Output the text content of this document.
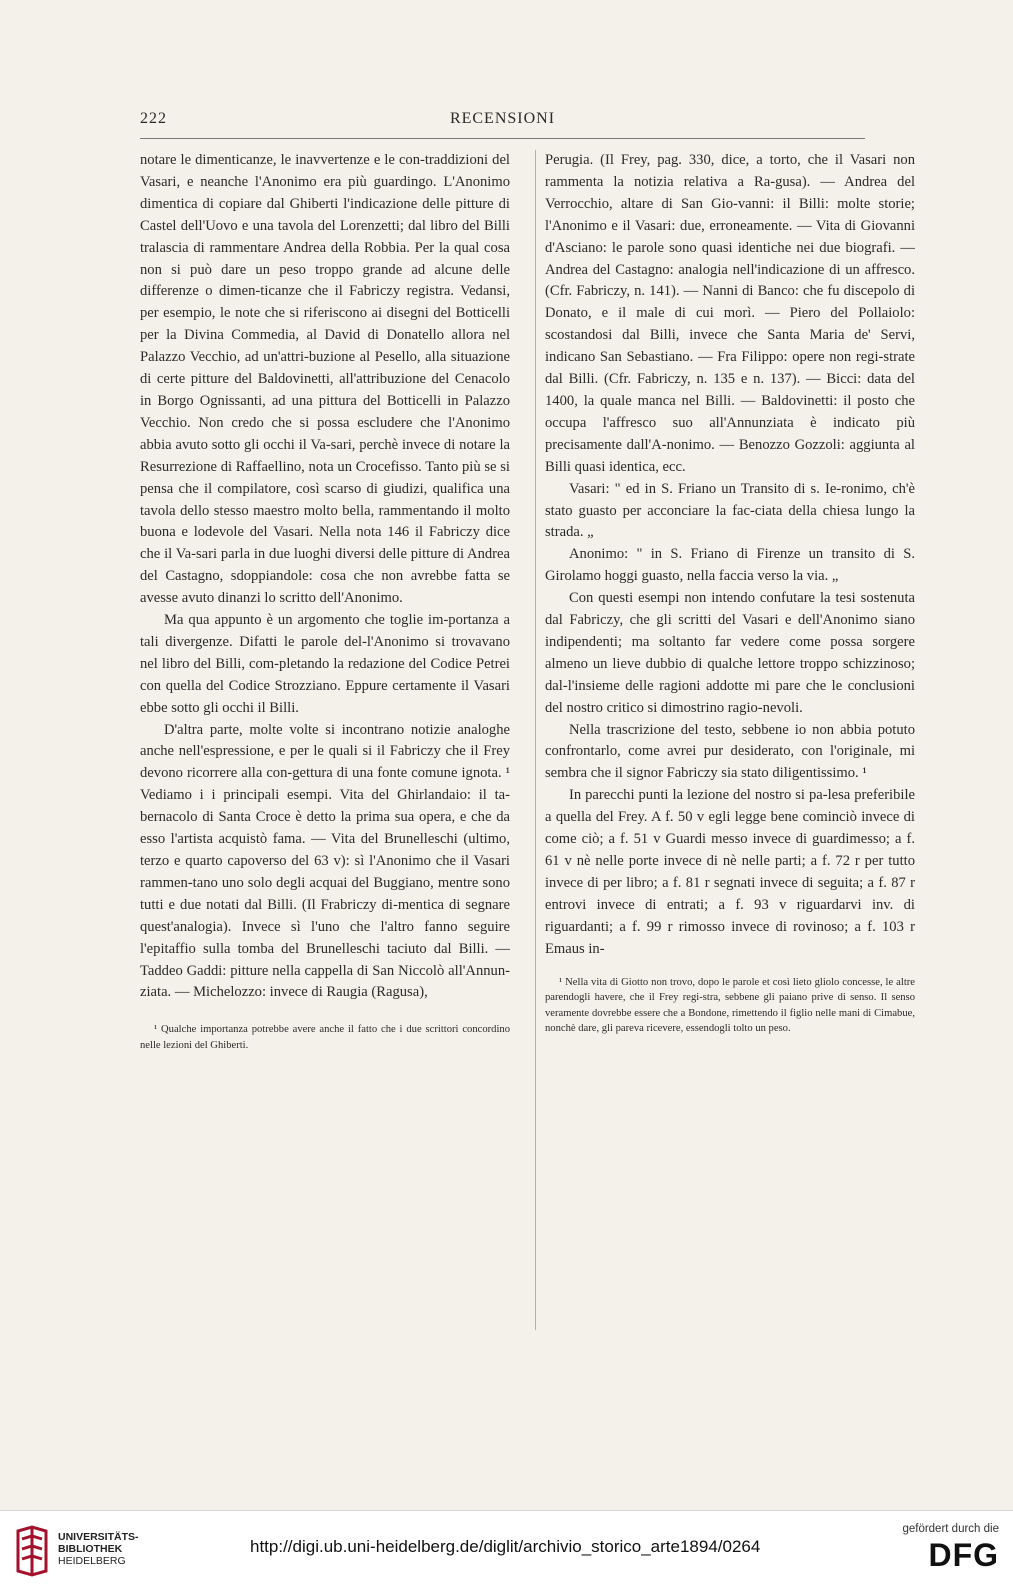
222	RECENSIONI

notare le dimenticanze, le inavvertenze e le con-traddizioni del Vasari, e neanche l'Anonimo era più guardingo. L'Anonimo dimentica di copiare dal Ghiberti l'indicazione delle pitture di Castel dell'Uovo e una tavola del Lorenzetti; dal libro del Billi tralascia di rammentare Andrea della Robbia. Per la qual cosa non si può dare un peso troppo grande ad alcune delle differenze o dimen-ticanze che il Fabriczy registra. Vedansi, per esempio, le note che si riferiscono ai disegni del Botticelli per la Divina Commedia, al David di Donatello allora nel Palazzo Vecchio, ad un'attri-buzione al Pesello, alla situazione di certe pitture del Baldovinetti, all'attribuzione del Cenacolo in Borgo Ognissanti, ad una pittura del Botticelli in Palazzo Vecchio. Non credo che si possa escludere che l'Anonimo abbia avuto sotto gli occhi il Va-sari, perchè invece di notare la Resurrezione di Raffaellino, nota un Crocefisso. Tanto più se si pensa che il compilatore, così scarso di giudizi, qualifica una tavola dello stesso maestro molto bella, rammentando il molto buona e lodevole del Vasari. Nella nota 146 il Fabriczy dice che il Va-sari parla in due luoghi diversi delle pitture di Andrea del Castagno, sdoppiandole: cosa che non avrebbe fatta se avesse avuto dinanzi lo scritto dell'Anonimo.

Ma qua appunto è un argomento che toglie im-portanza a tali divergenze. Difatti le parole del-l'Anonimo si trovavano nel libro del Billi, com-pletando la redazione del Codice Petrei con quella del Codice Strozziano. Eppure certamente il Vasari ebbe sotto gli occhi il Billi.

D'altra parte, molte volte si incontrano notizie analoghe anche nell'espressione, e per le quali si il Fabriczy che il Frey devono ricorrere alla con-gettura di una fonte comune ignota. ¹ Vediamo i i principali esempi. Vita del Ghirlandaio: il ta-bernacolo di Santa Croce è detto la prima sua opera, e che da esso l'artista acquistò fama. — Vita del Brunelleschi (ultimo, terzo e quarto capoverso del 63 v): sì l'Anonimo che il Vasari rammen-tano uno solo degli acquai del Buggiano, mentre sono tutti e due notati dal Billi. (Il Frabriczy di-mentica di segnare quest'analogia). Invece sì l'uno che l'altro fanno seguire l'epitaffio sulla tomba del Brunelleschi taciuto dal Billi. — Taddeo Gaddi: pitture nella cappella di San Niccolò all'Annun-ziata. — Michelozzo: invece di Raugia (Ragusa),

¹ Qualche importanza potrebbe avere anche il fatto che i due scrittori concordino nelle lezioni del Ghiberti.

Perugia. (Il Frey, pag. 330, dice, a torto, che il Vasari non rammenta la notizia relativa a Ra-gusa). — Andrea del Verrocchio, altare di San Gio-vanni: il Billi: molte storie; l'Anonimo e il Vasari: due, erroneamente. — Vita di Giovanni d'Asciano: le parole sono quasi identiche nei due biografi. — Andrea del Castagno: analogia nell'indicazione di un affresco. (Cfr. Fabriczy, n. 141). — Nanni di Banco: che fu discepolo di Donato, e il male di cui morì. — Piero del Pollaiolo: scostandosi dal Billi, invece che Santa Maria de' Servi, indicano San Sebastiano. — Fra Filippo: opere non regi-strate dal Billi. (Cfr. Fabriczy, n. 135 e n. 137). — Bicci: data del 1400, la quale manca nel Billi. — Baldovinetti: il posto che occupa l'affresco suo all'Annunziata è indicato più precisamente dall'A-nonimo. — Benozzo Gozzoli: aggiunta al Billi quasi identica, ecc.

Vasari: " ed in S. Friano un Transito di s. Ie-ronimo, ch'è stato guasto per acconciare la fac-ciata della chiesa lungo la strada. „

Anonimo: " in S. Friano di Firenze un transito di S. Girolamo hoggi guasto, nella faccia verso la via. „

Con questi esempi non intendo confutare la tesi sostenuta dal Fabriczy, che gli scritti del Vasari e dell'Anonimo siano indipendenti; ma soltanto far vedere come possa sorgere almeno un lieve dubbio di qualche lettore troppo schizzinoso; dal-l'insieme delle ragioni addotte mi pare che le conclusioni del nostro critico si dimostrino ragio-nevoli.

Nella trascrizione del testo, sebbene io non abbia potuto confrontarlo, come avrei pur desiderato, con l'originale, mi sembra che il signor Fabriczy sia stato diligentissimo. ¹

In parecchi punti la lezione del nostro si pa-lesa preferibile a quella del Frey. A f. 50 v egli legge bene cominciò invece di come ciò; a f. 51 v Guardi messo invece di guardimesso; a f. 61 v nè nelle porte invece di nè nelle parti; a f. 72 r per tutto invece di per libro; a f. 81 r segnati invece di seguita; a f. 87 r entrovi invece di entrati; a f. 93 v riguardarvi inv. di riguardanti; a f. 99 r rimosso invece di rovinoso; a f. 103 r Emaus in-

¹ Nella vita di Giotto non trovo, dopo le parole et così lieto gliolo concesse, le altre parendogli havere, che il Frey regi-stra, sebbene gli paiano prive di senso. Il senso veramente dovrebbe essere che a Bondone, rimettendo il figlio nelle mani di Cimabue, nonchè dare, gli pareva ricevere, essendogli tolto un peso.
UNIVERSITÄTS-
BIBLIOTHEK
HEIDELBERG
http://digi.ub.uni-heidelberg.de/diglit/archivio_storico_arte1894/0264
gefördert durch die
DFG
